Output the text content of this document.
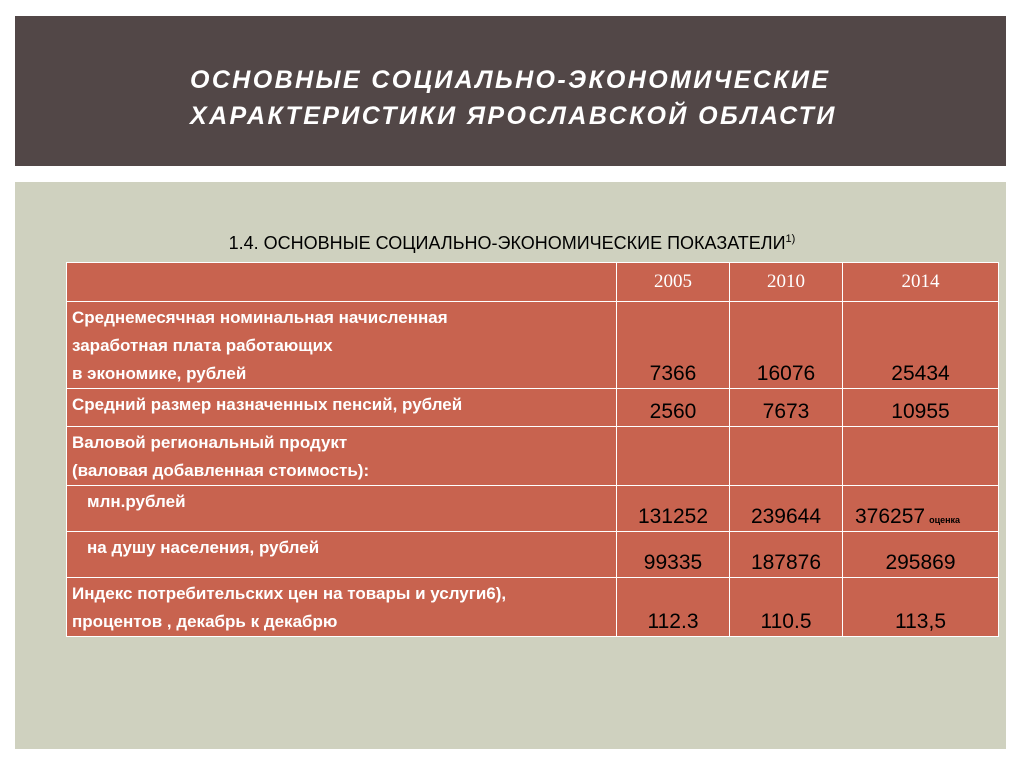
ОСНОВНЫЕ СОЦИАЛЬНО-ЭКОНОМИЧЕСКИЕ
ХАРАКТЕРИСТИКИ ЯРОСЛАВСКОЙ ОБЛАСТИ
1.4. ОСНОВНЫЕ СОЦИАЛЬНО-ЭКОНОМИЧЕСКИЕ ПОКАЗАТЕЛИ$^{1)}$
	2005	2010	2014
Среднемесячная номинальная начисленная
заработная плата работающих
в экономике, рублей	7366	16076	25434
Средний размер назначенных пенсий, рублей	2560	7673	10955
Валовой региональный продукт
(валовая добавленная стоимость):			
млн.рублей	131252	239644	376257 оценка
на душу населения, рублей	99335	187876	295869
Индекс потребительских цен на товары и услуги6),
процентов , декабрь к декабрю	112.3	110.5	113,5
